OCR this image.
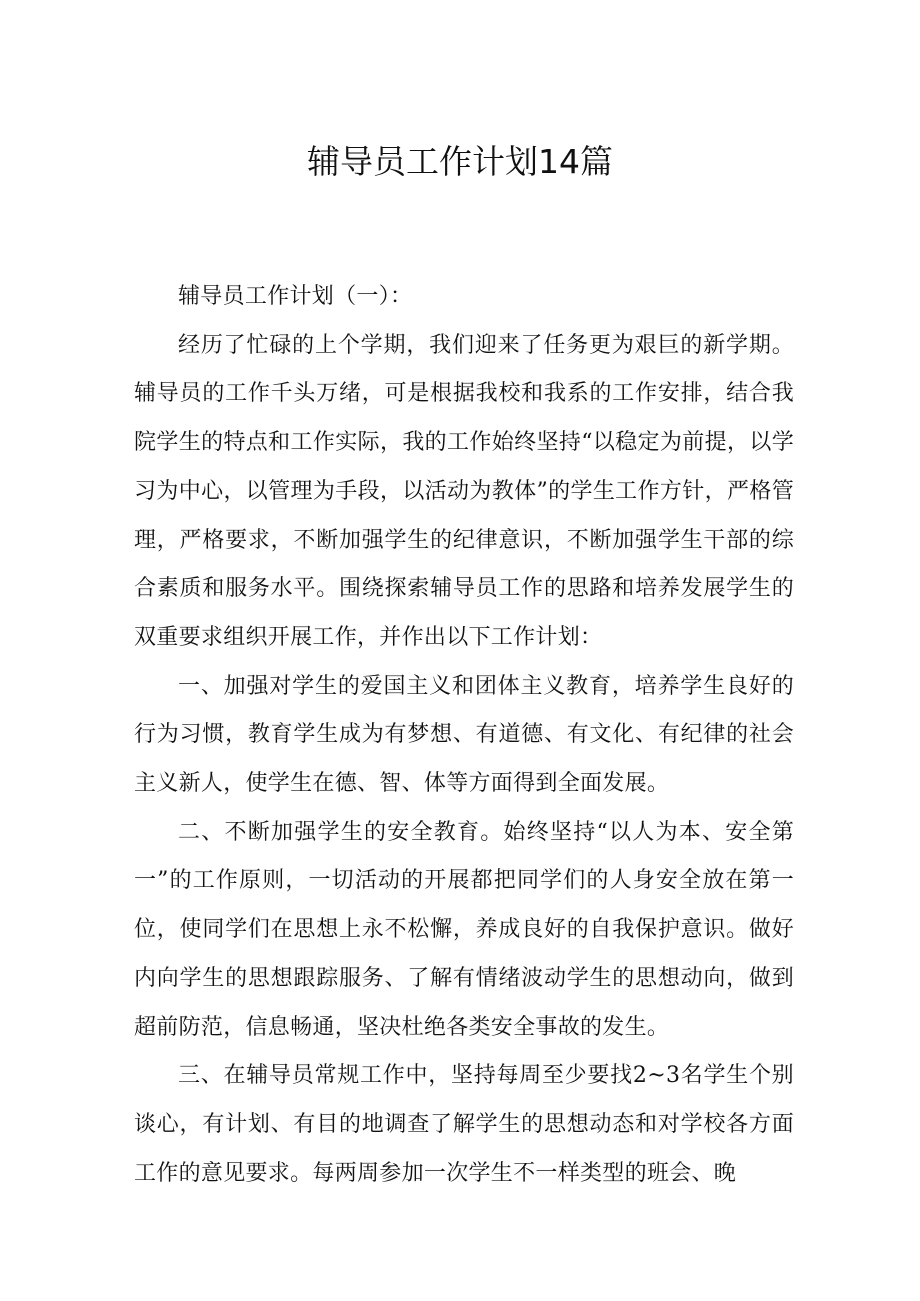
辅导员工作计划14篇

辅导员工作计划（一）：

经历了忙碌的上个学期，我们迎来了任务更为艰巨的新学期。辅导员的工作千头万绪，可是根据我校和我系的工作安排，结合我院学生的特点和工作实际，我的工作始终坚持“以稳定为前提，以学习为中心，以管理为手段，以活动为教体”的学生工作方针，严格管理，严格要求，不断加强学生的纪律意识，不断加强学生干部的综合素质和服务水平。围绕探索辅导员工作的思路和培养发展学生的双重要求组织开展工作，并作出以下工作计划：

一、加强对学生的爱国主义和团体主义教育，培养学生良好的行为习惯，教育学生成为有梦想、有道德、有文化、有纪律的社会主义新人，使学生在德、智、体等方面得到全面发展。

二、不断加强学生的安全教育。始终坚持“以人为本、安全第一”的工作原则，一切活动的开展都把同学们的人身安全放在第一位，使同学们在思想上永不松懈，养成良好的自我保护意识。做好内向学生的思想跟踪服务、了解有情绪波动学生的思想动向，做到超前防范，信息畅通，坚决杜绝各类安全事故的发生。

三、在辅导员常规工作中，坚持每周至少要找2~3名学生个别谈心，有计划、有目的地调查了解学生的思想动态和对学校各方面工作的意见要求。每两周参加一次学生不一样类型的班会、晚
